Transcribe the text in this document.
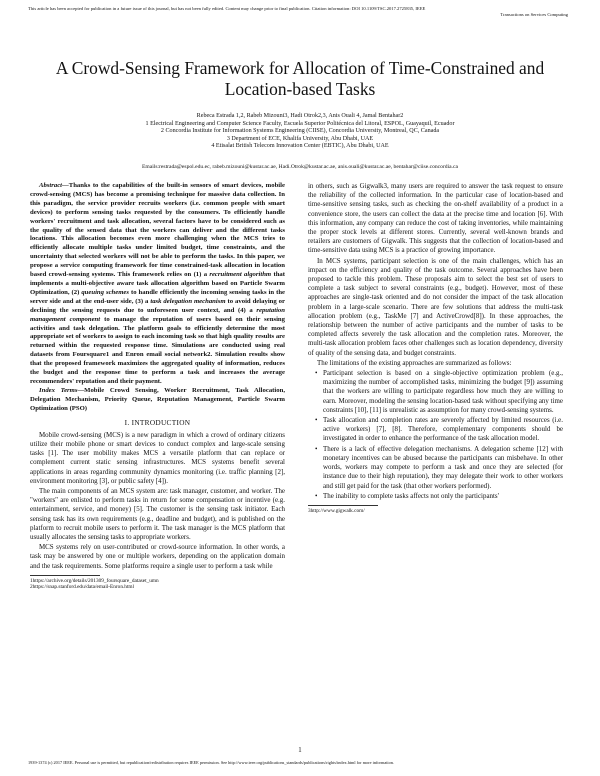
This article has been accepted for publication in a future issue of this journal, but has not been fully edited. Content may change prior to final publication. Citation information: DOI 10.1109/TSC.2017.2725835, IEEE
Transactions on Services Computing
A Crowd-Sensing Framework for Allocation of Time-Constrained and Location-based Tasks
Rebeca Estrada 1,2, Rabeb Mizouni3, Hadi Otrok2,3, Anis Ouali 4, Jamal Bentahar2
1 Electrical Engineering and Computer Science Faculty, Escuela Superior Politécnica del Litoral, ESPOL, Guayaquil, Ecuador
2 Concordia Institute for Information Systems Engineering (CIISE), Concordia University, Montreal, QC, Canada
3 Department of ECE, Khalifa University, Abu Dhabi, UAE
4 Etisalat British Telecom Innovation Center (EBTIC), Abu Dhabi, UAE
Emails:restrada@espol.edu.ec, rabeb.mizouni@kustar.ac.ae, Hadi.Otrok@kustar.ac.ae, anis.ouali@kustar.ac.ae, bentahar@ciise.concordia.ca

Abstract—Thanks to the capabilities of the built-in sensors of smart devices, mobile crowd-sensing (MCS) has become a promising technique for massive data collection. In this paradigm, the service provider recruits workers (i.e. common people with smart devices) to perform sensing tasks requested by the consumers. To efficiently handle workers' recruitment and task allocation, several factors have to be considered such as the quality of the sensed data that the workers can deliver and the different tasks locations. This allocation becomes even more challenging when the MCS tries to efficiently allocate multiple tasks under limited budget, time constraints, and the uncertainty that selected workers will not be able to perform the tasks. In this paper, we propose a service computing framework for time constrained-task allocation in location based crowd-sensing systems. This framework relies on (1) a recruitment algorithm that implements a multi-objective aware task allocation algorithm based on Particle Swarm Optimization, (2) queuing schemes to handle efficiently the incoming sensing tasks in the server side and at the end-user side, (3) a task delegation mechanism to avoid delaying or declining the sensing requests due to unforeseen user context, and (4) a reputation management component to manage the reputation of users based on their sensing activities and task delegation. The platform goals to efficiently determine the most appropriate set of workers to assign to each incoming task so that high quality results are returned within the requested response time. Simulations are conducted using real datasets from Foursquare1 and Enron email social network2. Simulation results show that the proposed framework maximizes the aggregated quality of information, reduces the budget and the response time to perform a task and increases the average recommenders' reputation and their payment.

Index Terms—Mobile Crowd Sensing, Worker Recruitment, Task Allocation, Delegation Mechanism, Priority Queue, Reputation Management, Particle Swarm Optimization (PSO)

I. INTRODUCTION

Mobile crowd-sensing (MCS) is a new paradigm in which a crowd of ordinary citizens utilize their mobile phone or smart devices to conduct complex and large-scale sensing tasks [1]. The user mobility makes MCS a versatile platform that can replace or complement current static sensing infrastructures. MCS systems benefit several applications in areas regarding community dynamics monitoring (i.e. traffic planning [2], environment monitoring [3], or public safety [4]).

The main components of an MCS system are: task manager, customer, and worker. The "workers" are enlisted to perform tasks in return for some compensation or incentive (e.g. entertainment, service, and money) [5]. The customer is the sensing task initiator. Each sensing task has its own requirements (e.g., deadline and budget), and is published on the platform to recruit mobile users to perform it. The task manager is the MCS platform that usually allocates the sensing tasks to appropriate workers.

MCS systems rely on user-contributed or crowd-source information. In other words, a task may be answered by one or multiple workers, depending on the application domain and the task requirements. Some platforms require a single user to perform a task while

1https://archive.org/details/201309_foursquare_dataset_umn
2https://snap.stanford.edu/data/email-Enron.html

in others, such as Gigwalk3, many users are required to answer the task request to ensure the reliability of the collected information. In the particular case of location-based and time-sensitive sensing tasks, such as checking the on-shelf availability of a product in a convenience store, the users can collect the data at the precise time and location [6]. With this information, any company can reduce the cost of taking inventories, while maintaining the proper stock levels at different stores. Currently, several well-known brands and retailers are customers of Gigwalk. This suggests that the collection of location-based and time-sensitive data using MCS is a practice of growing importance.

In MCS systems, participant selection is one of the main challenges, which has an impact on the efficiency and quality of the task outcome. Several approaches have been proposed to tackle this problem. These proposals aim to select the best set of users to complete a task subject to several constraints (e.g., budget). However, most of these approaches are single-task oriented and do not consider the impact of the task allocation problem in a large-scale scenario. There are few solutions that address the multi-task allocation problem (e.g., TaskMe [7] and ActiveCrowd[8]). In these approaches, the relationship between the number of active participants and the number of tasks to be completed affects severely the task allocation and the completion rates. Moreover, the multi-task allocation problem faces other challenges such as location dependency, diversity of quality of the sensing data, and budget constraints.

The limitations of the existing approaches are summarized as follows:

• Participant selection is based on a single-objective optimization problem (e.g., maximizing the number of accomplished tasks, minimizing the budget [9]) assuming that the workers are willing to participate regardless how much they are willing to earn. Moreover, modeling the sensing location-based task without specifying any time constraints [10], [11] is unrealistic as assumption for many crowd-sensing systems.
• Task allocation and completion rates are severely affected by limited resources (i.e. active workers) [7], [8]. Therefore, complementary components should be investigated in order to enhance the performance of the task allocation model.
• There is a lack of effective delegation mechanisms. A delegation scheme [12] with monetary incentives can be abused because the participants can misbehave. In other words, workers may compete to perform a task and once they are selected (for instance due to their high reputation), they may delegate their work to other workers and still get paid for the task (that other workers performed).
• The inability to complete tasks affects not only the participants'
3http://www.gigwalk.com/
1
1939-1374 (c) 2017 IEEE. Personal use is permitted, but republication/redistribution requires IEEE permission. See http://www.ieee.org/publications_standards/publications/rights/index.html for more information.
